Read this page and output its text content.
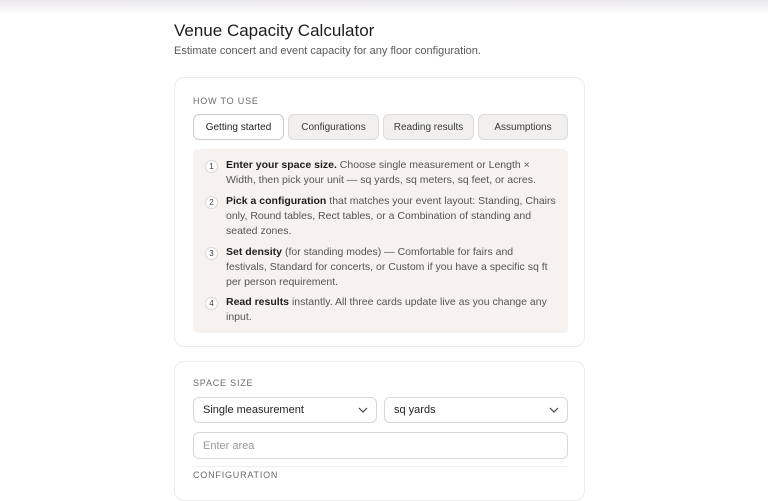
Venue Capacity Calculator

Estimate concert and event capacity for any floor configuration.

HOW TO USE
Getting started	Configurations	Reading results	Assumptions
1	Enter your space size. Choose single measurement or Length × Width, then pick your unit — sq yards, sq meters, sq feet, or acres.
2	Pick a configuration that matches your event layout: Standing, Chairs only, Round tables, Rect tables, or a Combination of standing and seated zones.
3	Set density (for standing modes) — Comfortable for fairs and festivals, Standard for concerts, or Custom if you have a specific sq ft per person requirement.
4	Read results instantly. All three cards update live as you change any input.
SPACE SIZE
Single measurement	sq yards
Enter area
CONFIGURATION
